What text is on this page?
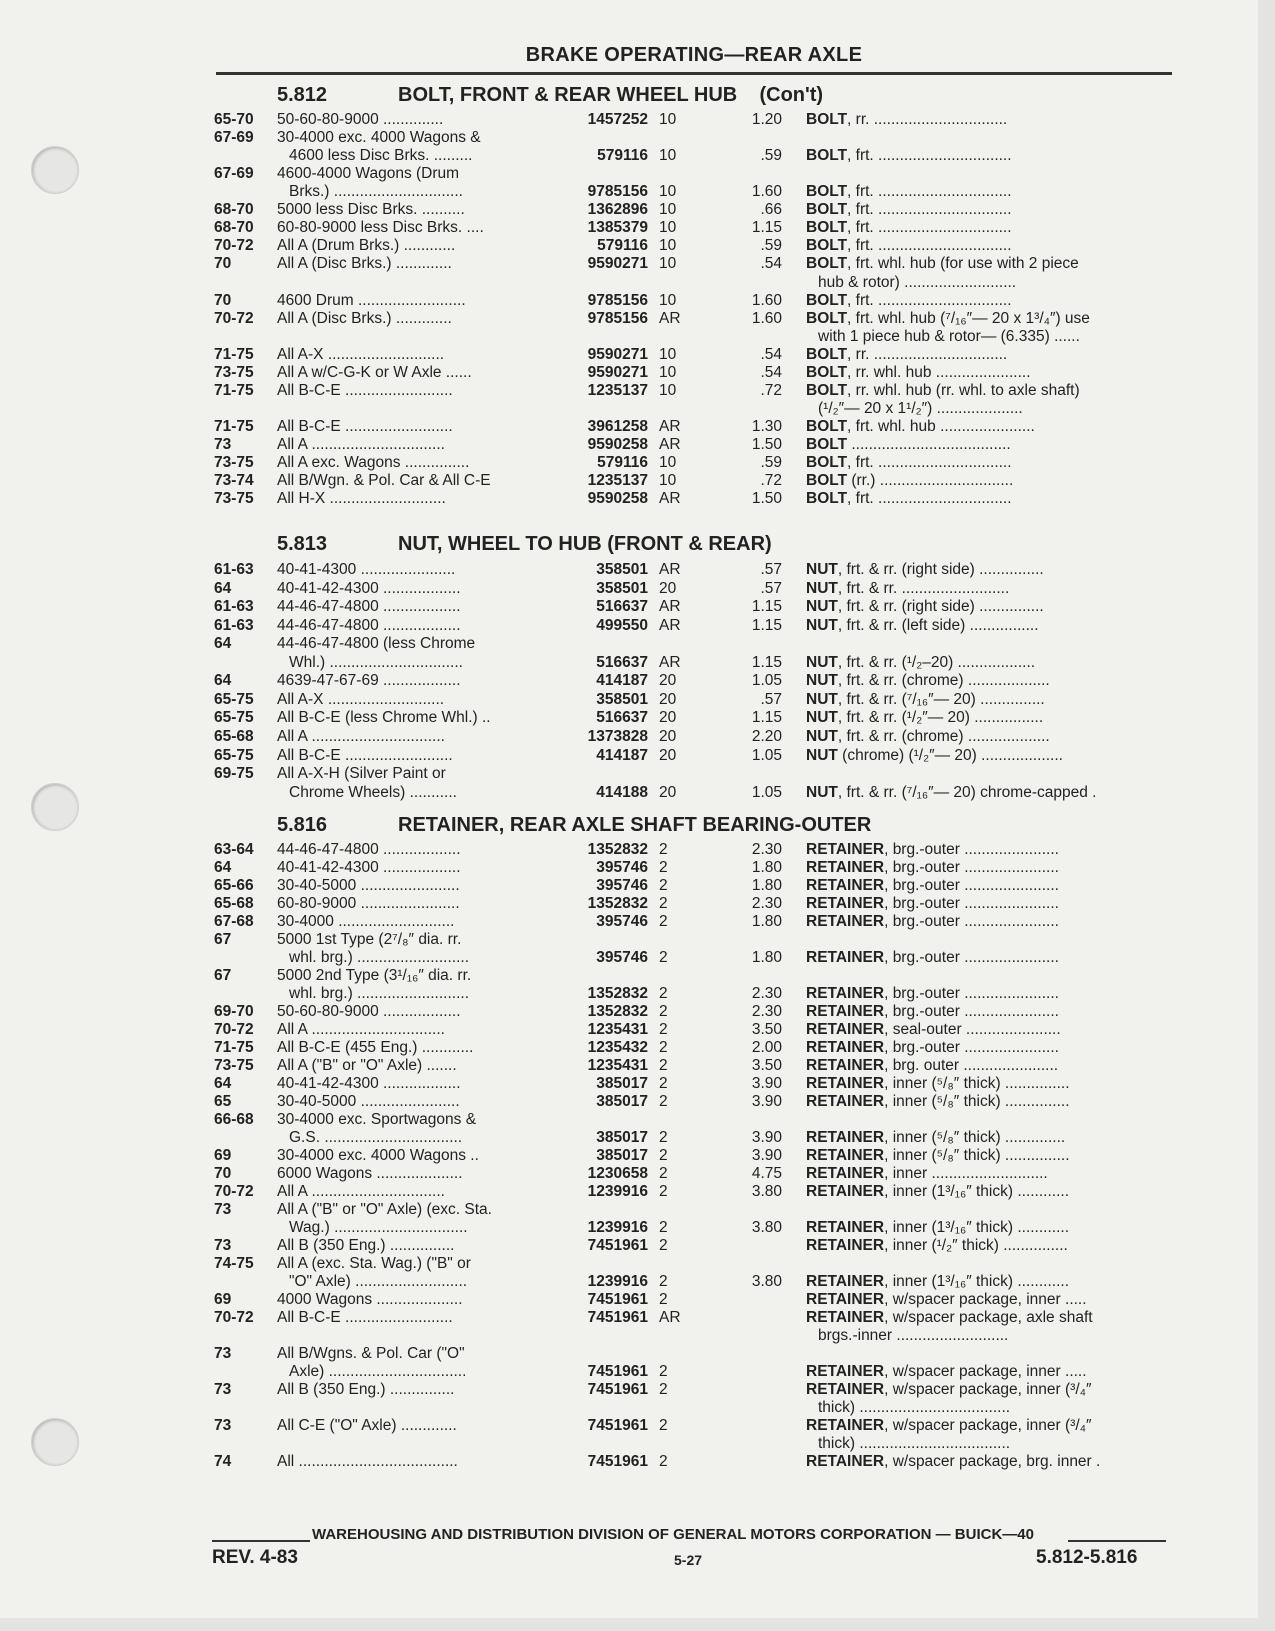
BRAKE OPERATING—REAR AXLE
5.812	BOLT, FRONT & REAR WHEEL HUB    (Con't)
65-70 50-60-80-9000 ..............	1457252 10	1.20 BOLT, rr. ...............................
67-69 30-4000 exc. 4000 Wagons &
4600 less Disc Brks. .........	579116 10	.59 BOLT, frt. ...............................
67-69 4600-4000 Wagons (Drum
Brks.) ..............................	9785156 10	1.60 BOLT, frt. ...............................
68-70 5000 less Disc Brks. ..........	1362896 10	.66 BOLT, frt. ...............................
68-70 60-80-9000 less Disc Brks. ....	1385379 10	1.15 BOLT, frt. ...............................
70-72 All A (Drum Brks.) ............	579116 10	.59 BOLT, frt. ...............................
70	All A (Disc Brks.) .............	9590271 10	.54 BOLT, frt. whl. hub (for use with 2 piece
hub & rotor) ..........................
70	4600 Drum .........................	9785156 10	1.60 BOLT, frt. ...............................
70-72 All A (Disc Brks.) .............	9785156 AR	1.60 BOLT, frt. whl. hub (⁷/₁₆″— 20 x 1³/₄″) use
with 1 piece hub & rotor— (6.335) ......
71-75 All A-X ...........................	9590271 10	.54 BOLT, rr. ...............................
73-75 All A w/C-G-K or W Axle ......	9590271 10	.54 BOLT, rr. whl. hub ......................
71-75 All B-C-E .........................	1235137 10	.72 BOLT, rr. whl. hub (rr. whl. to axle shaft)
(¹/₂″— 20 x 1¹/₂″) ....................
71-75 All B-C-E .........................	3961258 AR	1.30 BOLT, frt. whl. hub ......................
73	All A ...............................	9590258 AR	1.50 BOLT .....................................
73-75 All A exc. Wagons ...............	579116 10	.59 BOLT, frt. ...............................
73-74 All B/Wgn. & Pol. Car & All C-E	1235137 10	.72 BOLT (rr.) ...............................
73-75 All H-X ...........................	9590258 AR	1.50 BOLT, frt. ...............................
5.813	NUT, WHEEL TO HUB (FRONT & REAR)
61-63 40-41-4300 ......................	358501 AR	.57 NUT, frt. & rr. (right side) ...............
64	40-41-42-4300 ..................	358501 20	.57 NUT, frt. & rr. .........................
61-63 44-46-47-4800 ..................	516637 AR	1.15 NUT, frt. & rr. (right side) ...............
61-63 44-46-47-4800 ..................	499550 AR	1.15 NUT, frt. & rr. (left side) ................
64	44-46-47-4800 (less Chrome
Whl.) ...............................	516637 AR	1.15 NUT, frt. & rr. (¹/₂–20) ..................
64	4639-47-67-69 ..................	414187 20	1.05 NUT, frt. & rr. (chrome) ...................
65-75 All A-X ...........................	358501 20	.57 NUT, frt. & rr. (⁷/₁₆″— 20) ...............
65-75 All B-C-E (less Chrome Whl.) ..	516637 20	1.15 NUT, frt. & rr. (¹/₂″— 20) ................
65-68 All A ...............................	1373828 20	2.20 NUT, frt. & rr. (chrome) ...................
65-75 All B-C-E .........................	414187 20	1.05 NUT (chrome) (¹/₂″— 20) ...................
69-75 All A-X-H (Silver Paint or
Chrome Wheels) ...........	414188 20	1.05 NUT, frt. & rr. (⁷/₁₆″— 20) chrome-capped .
5.816	RETAINER, REAR AXLE SHAFT BEARING-OUTER
63-64 44-46-47-4800 ..................	1352832 2	2.30 RETAINER, brg.-outer ......................
64	40-41-42-4300 ..................	395746 2	1.80 RETAINER, brg.-outer ......................
65-66 30-40-5000 .......................	395746 2	1.80 RETAINER, brg.-outer ......................
65-68 60-80-9000 .......................	1352832 2	2.30 RETAINER, brg.-outer ......................
67-68 30-4000 ...........................	395746 2	1.80 RETAINER, brg.-outer ......................
67	5000 1st Type (2⁷/₈″ dia. rr.
whl. brg.) ..........................	395746 2	1.80 RETAINER, brg.-outer ......................
67	5000 2nd Type (3¹/₁₆″ dia. rr.
whl. brg.) ..........................	1352832 2	2.30 RETAINER, brg.-outer ......................
69-70 50-60-80-9000 ..................	1352832 2	2.30 RETAINER, brg.-outer ......................
70-72 All A ...............................	1235431 2	3.50 RETAINER, seal-outer ......................
71-75 All B-C-E (455 Eng.) ............	1235432 2	2.00 RETAINER, brg.-outer ......................
73-75 All A ("B" or "O" Axle) .......	1235431 2	3.50 RETAINER, brg. outer ......................
64	40-41-42-4300 ..................	385017 2	3.90 RETAINER, inner (⁵/₈″ thick) ...............
65	30-40-5000 .......................	385017 2	3.90 RETAINER, inner (⁵/₈″ thick) ...............
66-68 30-4000 exc. Sportwagons &
G.S. ................................	385017 2	3.90 RETAINER, inner (⁵/₈″ thick) ..............
69	30-4000 exc. 4000 Wagons ..	385017 2	3.90 RETAINER, inner (⁵/₈″ thick) ...............
70	6000 Wagons ....................	1230658 2	4.75 RETAINER, inner ...........................
70-72 All A ...............................	1239916 2	3.80 RETAINER, inner (1³/₁₆″ thick) ............
73	All A ("B" or "O" Axle) (exc. Sta.
Wag.) ...............................	1239916 2	3.80 RETAINER, inner (1³/₁₆″ thick) ............
73	All B (350 Eng.) ...............	7451961 2	RETAINER, inner (¹/₂″ thick) ...............
74-75 All A (exc. Sta. Wag.) ("B" or
"O" Axle) ..........................	1239916 2	3.80 RETAINER, inner (1³/₁₆″ thick) ............
69	4000 Wagons ....................	7451961 2	RETAINER, w/spacer package, inner .....
70-72 All B-C-E .........................	7451961 AR	RETAINER, w/spacer package, axle shaft
brgs.-inner ..........................
73	All B/Wgns. & Pol. Car ("O"
Axle) ................................	7451961 2	RETAINER, w/spacer package, inner .....
73	All B (350 Eng.) ...............	7451961 2	RETAINER, w/spacer package, inner (³/₄″
thick) ...................................
73	All C-E ("O" Axle) .............	7451961 2	RETAINER, w/spacer package, inner (³/₄″
thick) ...................................
74	All .....................................	7451961 2	RETAINER, w/spacer package, brg. inner .
WAREHOUSING AND DISTRIBUTION DIVISION OF GENERAL MOTORS CORPORATION — BUICK—40
REV. 4-83	5-27	5.812-5.816
